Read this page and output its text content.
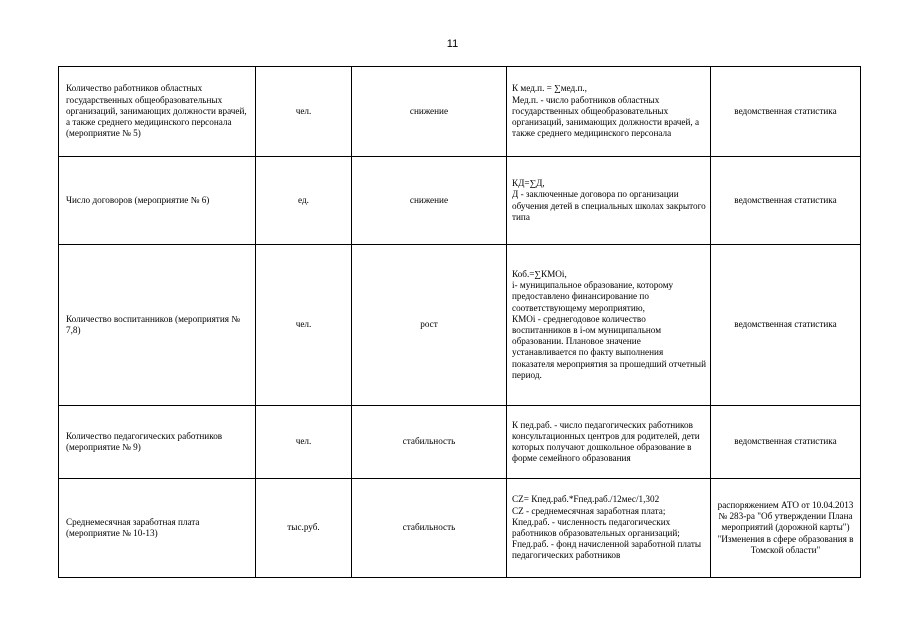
11
Количество работников областных государственных общеобразовательных организаций, занимающих должности врачей, а также среднего медицинского персонала (мероприятие № 5)	чел.	снижение	К мед.п. = ∑мед.п.,
Мед.п. - число работников областных государственных общеобразовательных организаций, занимающих должности врачей, а также среднего медицинского персонала	ведомственная статистика
Число договоров (мероприятие № 6)	ед.	снижение	КД=∑Д,
Д - заключенные договора по организации обучения детей в специальных школах закрытого типа	ведомственная статистика
Количество воспитанников (мероприятия № 7,8)	чел.	рост	Коб.=∑КМОi,
i- муниципальное образование, которому предоставлено финансирование по соответствующему мероприятию,
КМОi - среднегодовое количество воспитанников в i-ом муниципальном образовании. Плановое значение устанавливается по факту выполнения показателя мероприятия за прошедший отчетный период.	ведомственная статистика
Количество педагогических работников (мероприятие № 9)	чел.	стабильность	К пед.раб. - число педагогических работников консультационных центров для родителей, дети которых получают дошкольное образование в форме семейного образования	ведомственная статистика
Среднемесячная заработная плата (мероприятие № 10-13)	тыс.руб.	стабильность	CZ= Кпед.раб.*Fпед.раб./12мес/1,302
CZ - среднемесячная заработная плата;
Кпед.раб. - численность педагогических работников образовательных организаций;
Fпед.раб. - фонд начисленной заработной платы педагогических работников	распоряжением АТО от 10.04.2013 № 283-ра "Об утверждении Плана мероприятий (дорожной карты") "Изменения в сфере образования в Томской области"
